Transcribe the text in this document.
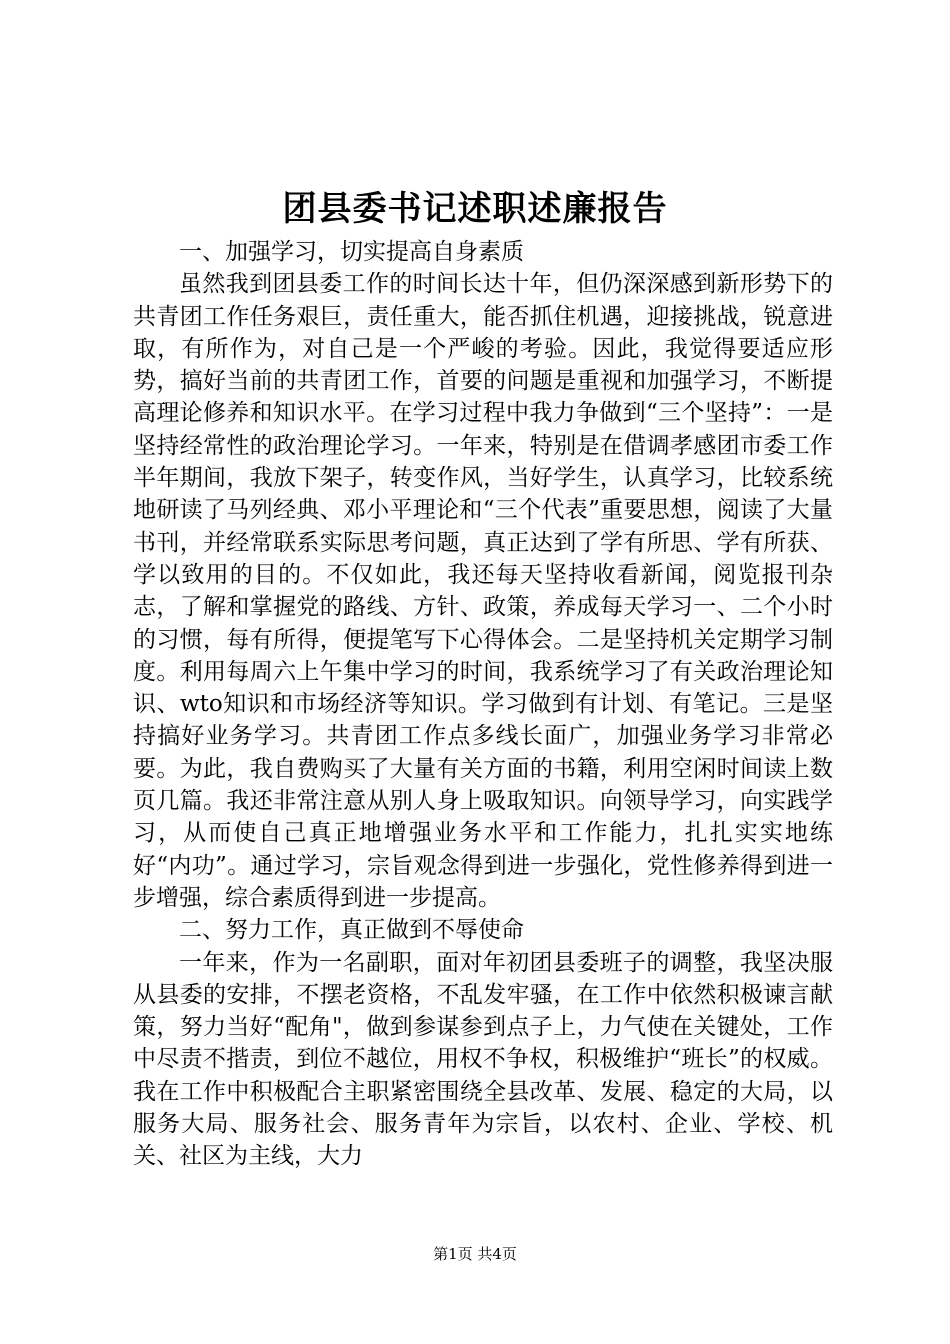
团县委书记述职述廉报告

一、加强学习，切实提高自身素质

虽然我到团县委工作的时间长达十年，但仍深深感到新形势下的共青团工作任务艰巨，责任重大，能否抓住机遇，迎接挑战，锐意进取，有所作为，对自己是一个严峻的考验。因此，我觉得要适应形势，搞好当前的共青团工作，首要的问题是重视和加强学习，不断提高理论修养和知识水平。在学习过程中我力争做到“三个坚持”：一是坚持经常性的政治理论学习。一年来，特别是在借调孝感团市委工作半年期间，我放下架子，转变作风，当好学生，认真学习，比较系统地研读了马列经典、邓小平理论和“三个代表”重要思想，阅读了大量书刊，并经常联系实际思考问题，真正达到了学有所思、学有所获、学以致用的目的。不仅如此，我还每天坚持收看新闻，阅览报刊杂志，了解和掌握党的路线、方针、政策，养成每天学习一、二个小时的习惯，每有所得，便提笔写下心得体会。二是坚持机关定期学习制度。利用每周六上午集中学习的时间，我系统学习了有关政治理论知识、wto知识和市场经济等知识。学习做到有计划、有笔记。三是坚持搞好业务学习。共青团工作点多线长面广，加强业务学习非常必要。为此，我自费购买了大量有关方面的书籍，利用空闲时间读上数页几篇。我还非常注意从别人身上吸取知识。向领导学习，向实践学习，从而使自己真正地增强业务水平和工作能力，扎扎实实地练好“内功”。通过学习，宗旨观念得到进一步强化，党性修养得到进一步增强，综合素质得到进一步提高。

二、努力工作，真正做到不辱使命

一年来，作为一名副职，面对年初团县委班子的调整，我坚决服从县委的安排，不摆老资格，不乱发牢骚，在工作中依然积极谏言献策，努力当好“配角"，做到参谋参到点子上，力气使在关键处，工作中尽责不揩责，到位不越位，用权不争权，积极维护“班长”的权威。我在工作中积极配合主职紧密围绕全县改革、发展、稳定的大局，以服务大局、服务社会、服务青年为宗旨，以农村、企业、学校、机关、社区为主线，大力

第1页 共4页
